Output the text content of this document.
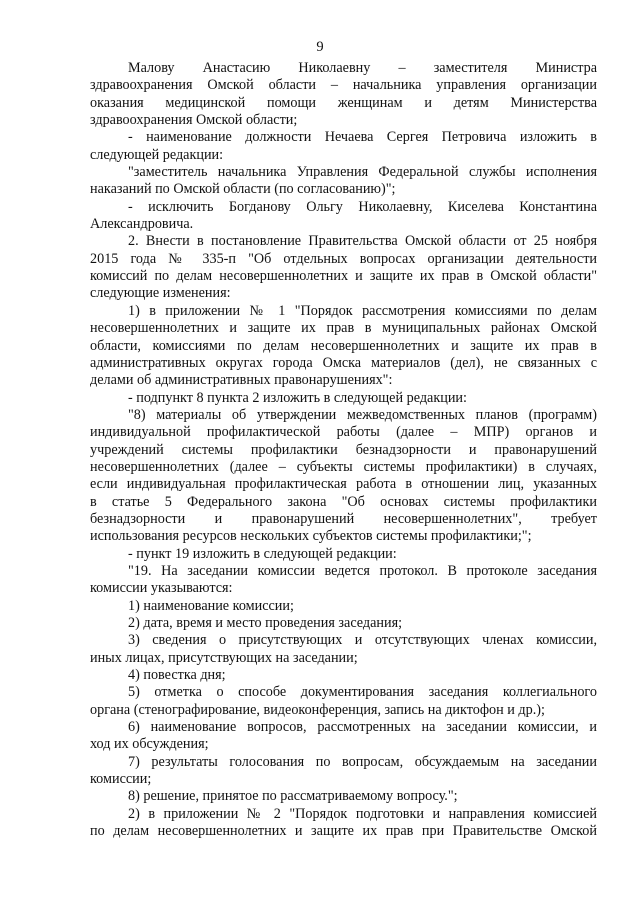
9
Малову Анастасию Николаевну – заместителя Министра
здравоохранения Омской области – начальника управления организации
оказания медицинской помощи женщинам и детям Министерства
здравоохранения Омской области;
- наименование должности Нечаева Сергея Петровича изложить в
следующей редакции:
"заместитель начальника Управления Федеральной службы исполнения
наказаний по Омской области (по согласованию)";
- исключить Богданову Ольгу Николаевну, Киселева Константина
Александровича.
2. Внести в постановление Правительства Омской области от 25 ноября
2015 года № 335-п "Об отдельных вопросах организации деятельности
комиссий по делам несовершеннолетних и защите их прав в Омской области"
следующие изменения:
1) в приложении № 1 "Порядок рассмотрения комиссиями по делам
несовершеннолетних и защите их прав в муниципальных районах Омской
области, комиссиями по делам несовершеннолетних и защите их прав в
административных округах города Омска материалов (дел), не связанных с
делами об административных правонарушениях":
- подпункт 8 пункта 2 изложить в следующей редакции:
"8) материалы об утверждении межведомственных планов (программ)
индивидуальной профилактической работы (далее – МПР) органов и
учреждений системы профилактики безнадзорности и правонарушений
несовершеннолетних (далее – субъекты системы профилактики) в случаях,
если индивидуальная профилактическая работа в отношении лиц, указанных
в статье 5 Федерального закона "Об основах системы профилактики
безнадзорности и правонарушений несовершеннолетних", требует
использования ресурсов нескольких субъектов системы профилактики;";
- пункт 19 изложить в следующей редакции:
"19. На заседании комиссии ведется протокол. В протоколе заседания
комиссии указываются:
1) наименование комиссии;
2) дата, время и место проведения заседания;
3) сведения о присутствующих и отсутствующих членах комиссии,
иных лицах, присутствующих на заседании;
4) повестка дня;
5) отметка о способе документирования заседания коллегиального
органа (стенографирование, видеоконференция, запись на диктофон и др.);
6) наименование вопросов, рассмотренных на заседании комиссии, и
ход их обсуждения;
7) результаты голосования по вопросам, обсуждаемым на заседании
комиссии;
8) решение, принятое по рассматриваемому вопросу.";
2) в приложении № 2 "Порядок подготовки и направления комиссией
по делам несовершеннолетних и защите их прав при Правительстве Омской
